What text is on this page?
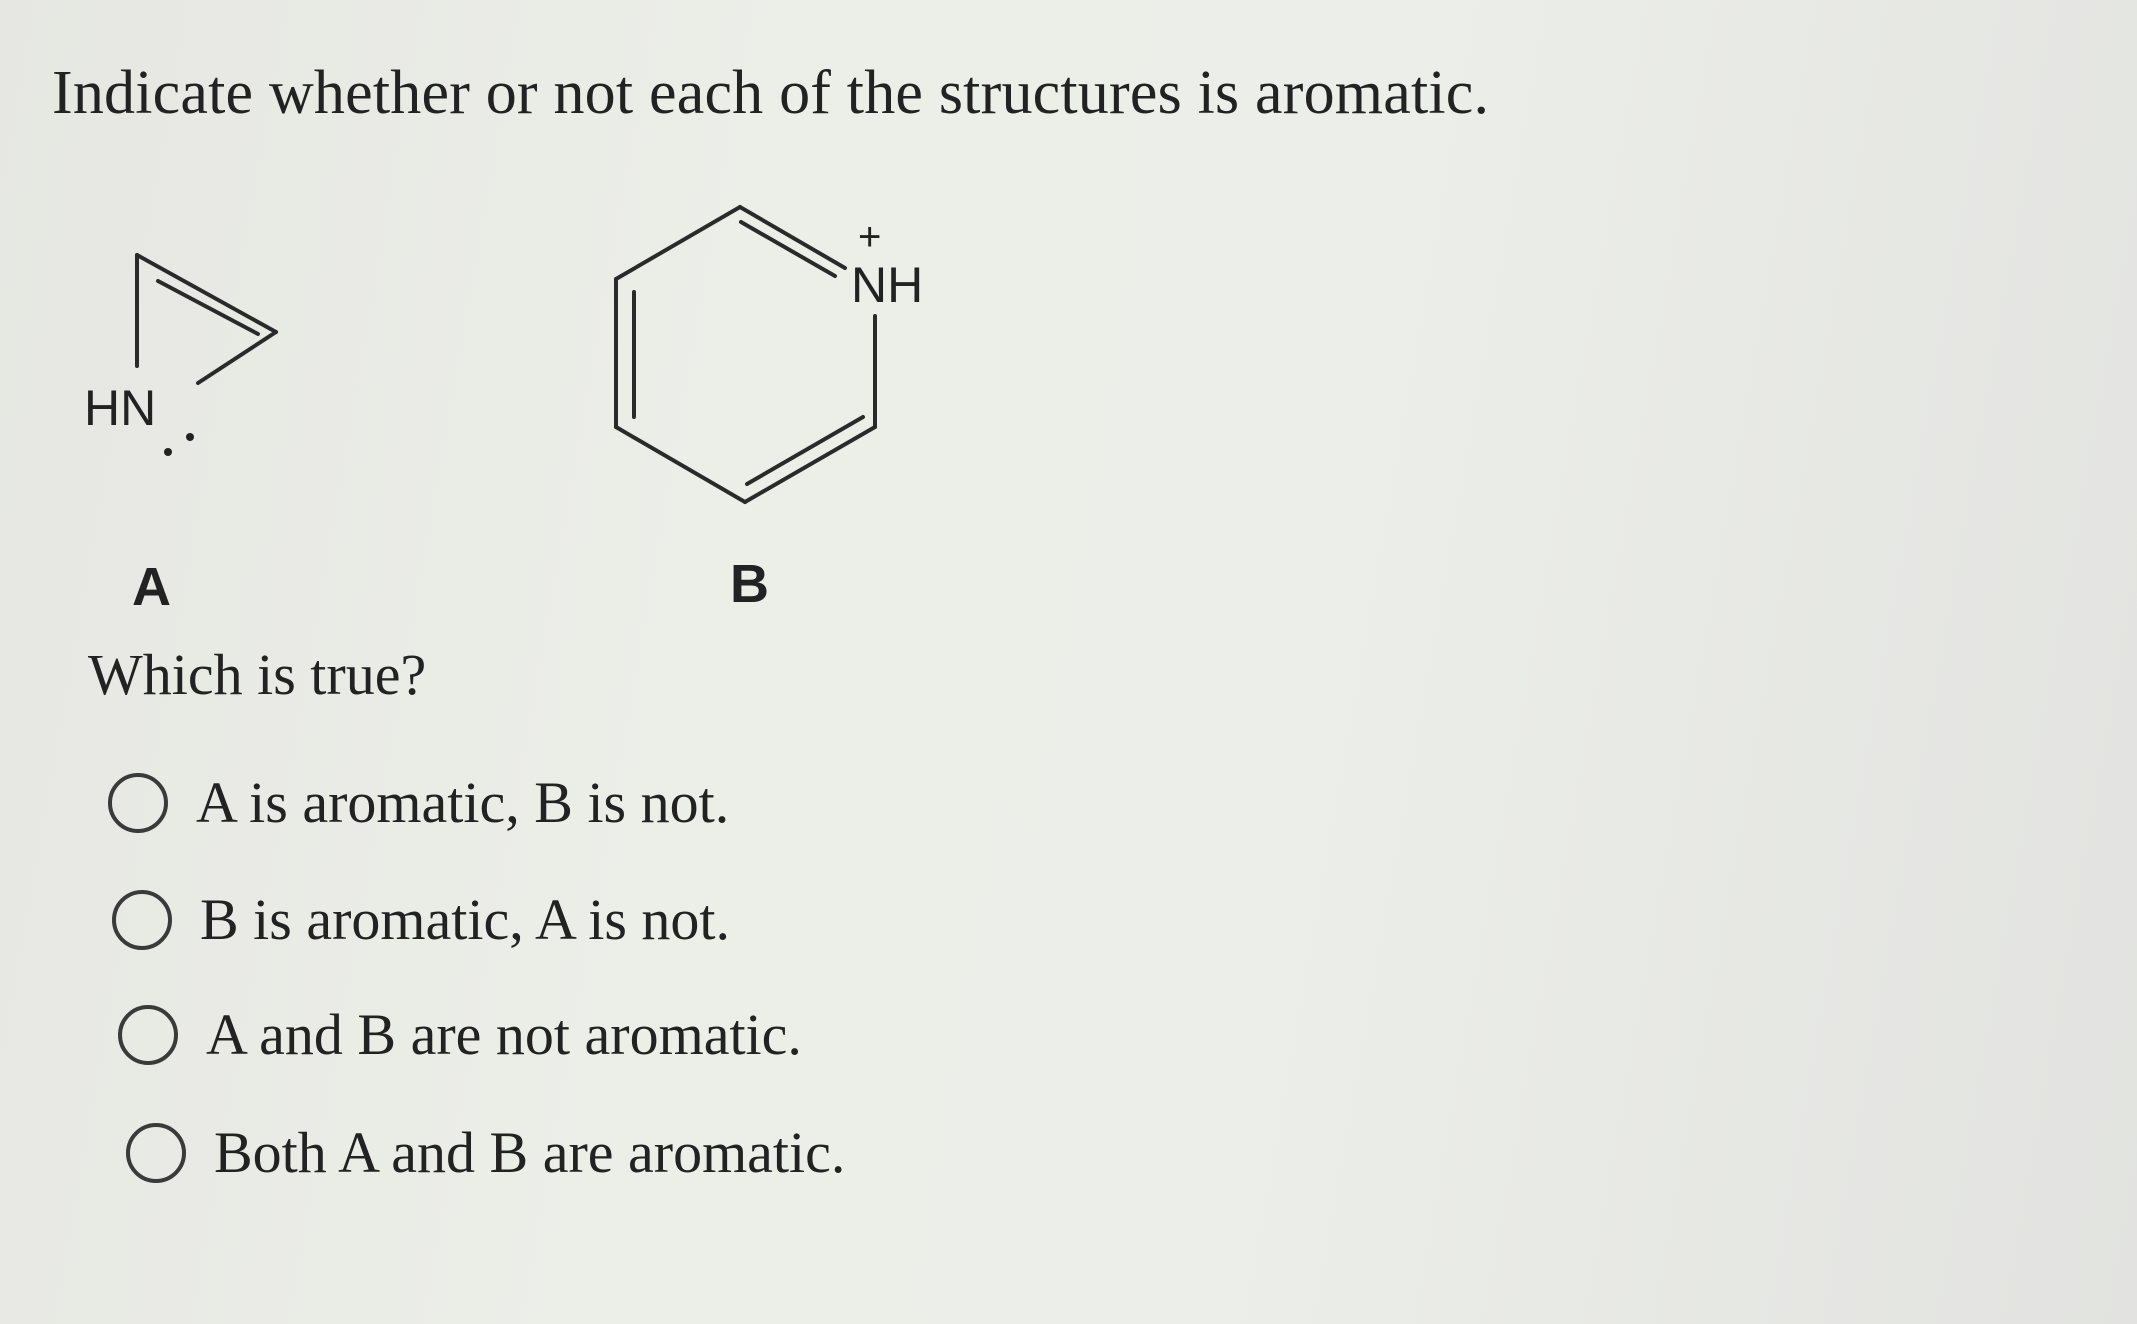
Indicate whether or not each of the structures is aromatic.
HN
+
NH
A	B
Which is true?
A is aromatic, B is not.
B is aromatic, A is not.
A and B are not aromatic.
Both A and B are aromatic.
